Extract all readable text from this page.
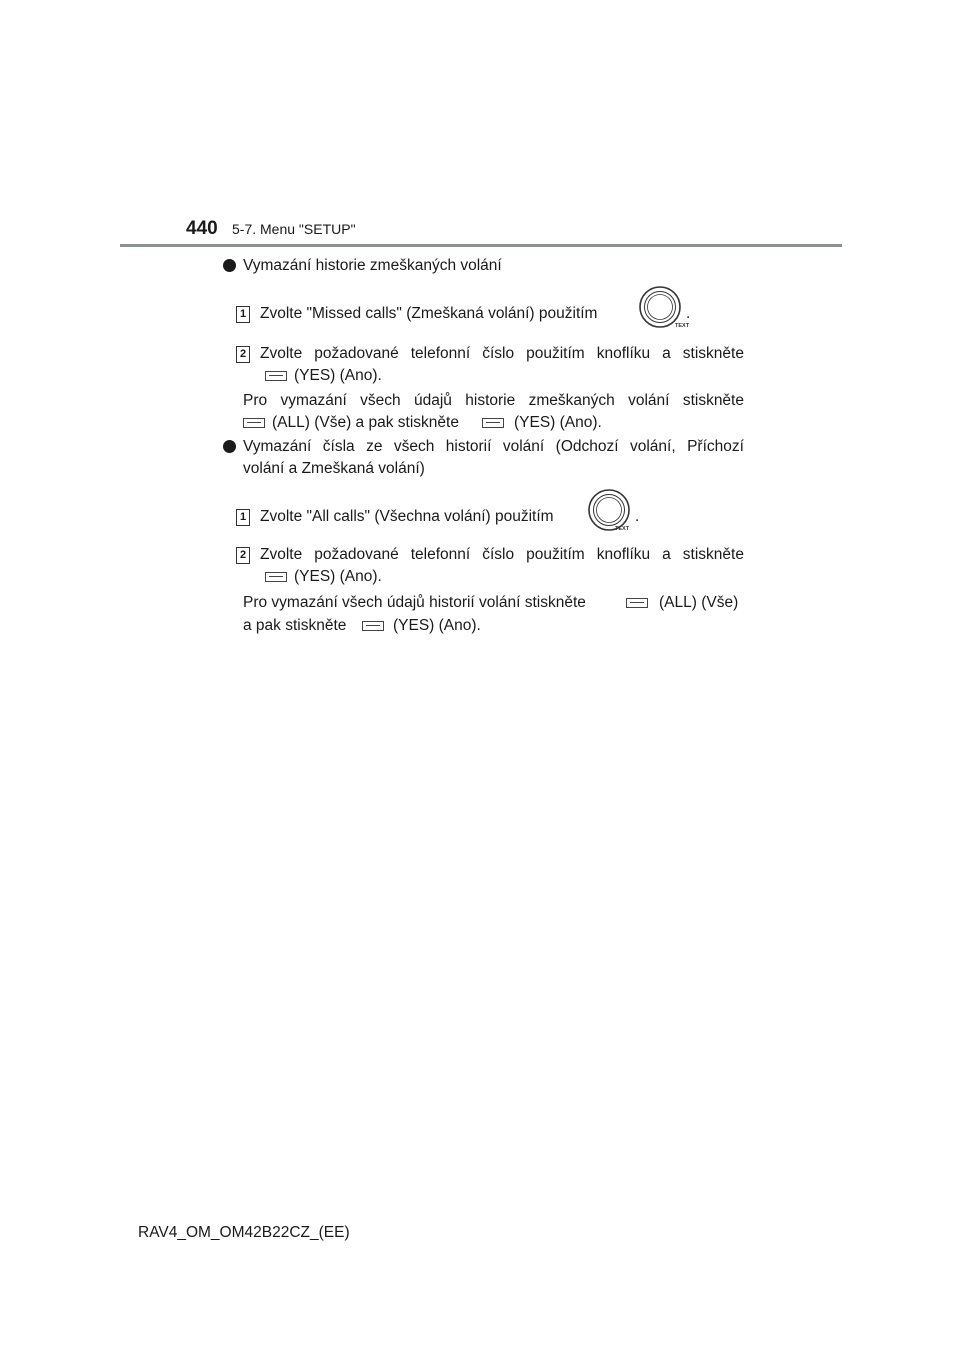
440 5-7. Menu "SETUP"
Vymazání historie zmeškaných volání
1 Zvolte "Missed calls" (Zmeškaná volání) použitím
TEXT
.
2 Zvolte požadované telefonní číslo použitím knoflíku a stiskněte
(YES) (Ano).
Pro vymazání všech údajů historie zmeškaných volání stiskněte
(ALL) (Vše) a pak stiskněte	(YES) (Ano).
Vymazání čísla ze všech historií volání (Odchozí volání, Příchozí
volání a Zmeškaná volání)
1 Zvolte "All calls" (Všechna volání) použitím
TEXT
.
2 Zvolte požadované telefonní číslo použitím knoflíku a stiskněte
(YES) (Ano).
Pro vymazání všech údajů historií volání stiskněte	(ALL) (Vše)
a pak stiskněte	(YES) (Ano).
RAV4_OM_OM42B22CZ_(EE)
